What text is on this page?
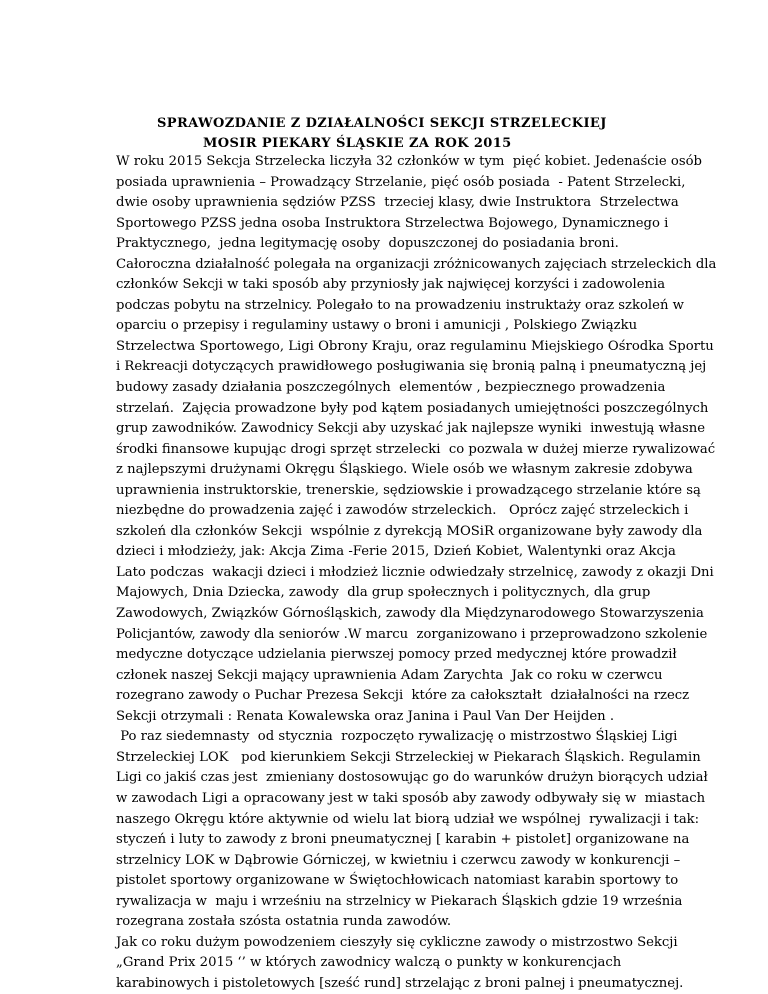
SPRAWOZDANIE Z DZIAŁALNOŚCI SEKCJI STRZELECKIEJ
MOSIR PIEKARY ŚLĄSKIE ZA ROK 2015
W roku 2015 Sekcja Strzelecka liczyła 32 członków w tym  pięć kobiet. Jedenaście osób
posiada uprawnienia – Prowadzący Strzelanie, pięć osób posiada  - Patent Strzelecki,
dwie osoby uprawnienia sędziów PZSS  trzeciej klasy, dwie Instruktora  Strzelectwa
Sportowego PZSS jedna osoba Instruktora Strzelectwa Bojowego, Dynamicznego i
Praktycznego,  jedna legitymację osoby  dopuszczonej do posiadania broni.
Całoroczna działalność polegała na organizacji zróżnicowanych zajęciach strzeleckich dla
członków Sekcji w taki sposób aby przyniosły jak najwięcej korzyści i zadowolenia
podczas pobytu na strzelnicy. Polegało to na prowadzeniu instruktaży oraz szkoleń w
oparciu o przepisy i regulaminy ustawy o broni i amunicji , Polskiego Związku
Strzelectwa Sportowego, Ligi Obrony Kraju, oraz regulaminu Miejskiego Ośrodka Sportu
i Rekreacji dotyczących prawidłowego posługiwania się bronią palną i pneumatyczną jej
budowy zasady działania poszczególnych  elementów , bezpiecznego prowadzenia
strzelań.  Zajęcia prowadzone były pod kątem posiadanych umiejętności poszczególnych
grup zawodników. Zawodnicy Sekcji aby uzyskać jak najlepsze wyniki  inwestują własne
środki finansowe kupując drogi sprzęt strzelecki  co pozwala w dużej mierze rywalizować
z najlepszymi drużynami Okręgu Śląskiego. Wiele osób we własnym zakresie zdobywa
uprawnienia instruktorskie, trenerskie, sędziowskie i prowadzącego strzelanie które są
niezbędne do prowadzenia zajęć i zawodów strzeleckich.   Oprócz zajęć strzeleckich i
szkoleń dla członków Sekcji  wspólnie z dyrekcją MOSiR organizowane były zawody dla
dzieci i młodzieży, jak: Akcja Zima -Ferie 2015, Dzień Kobiet, Walentynki oraz Akcja
Lato podczas  wakacji dzieci i młodzież licznie odwiedzały strzelnicę, zawody z okazji Dni
Majowych, Dnia Dziecka, zawody  dla grup społecznych i politycznych, dla grup
Zawodowych, Związków Górnośląskich, zawody dla Międzynarodowego Stowarzyszenia
Policjantów, zawody dla seniorów .W marcu  zorganizowano i przeprowadzono szkolenie
medyczne dotyczące udzielania pierwszej pomocy przed medycznej które prowadził
członek naszej Sekcji mający uprawnienia Adam Zarychta  Jak co roku w czerwcu
rozegrano zawody o Puchar Prezesa Sekcji  które za całokształt  działalności na rzecz
Sekcji otrzymali : Renata Kowalewska oraz Janina i Paul Van Der Heijden .
Po raz siedemnasty  od stycznia  rozpoczęto rywalizację o mistrzostwo Śląskiej Ligi
Strzeleckiej LOK   pod kierunkiem Sekcji Strzeleckiej w Piekarach Śląskich. Regulamin
Ligi co jakiś czas jest  zmieniany dostosowując go do warunków drużyn biorących udział
w zawodach Ligi a opracowany jest w taki sposób aby zawody odbywały się w  miastach
naszego Okręgu które aktywnie od wielu lat biorą udział we wspólnej  rywalizacji i tak:
styczeń i luty to zawody z broni pneumatycznej [ karabin + pistolet] organizowane na
strzelnicy LOK w Dąbrowie Górniczej, w kwietniu i czerwcu zawody w konkurencji –
pistolet sportowy organizowane w Świętochłowicach natomiast karabin sportowy to
rywalizacja w  maju i wrześniu na strzelnicy w Piekarach Śląskich gdzie 19 września
rozegrana została szósta ostatnia runda zawodów.
Jak co roku dużym powodzeniem cieszyły się cykliczne zawody o mistrzostwo Sekcji
„Grand Prix 2015 ‘’ w których zawodnicy walczą o punkty w konkurencjach
karabinowych i pistoletowych [sześć rund] strzelając z broni palnej i pneumatycznej.
